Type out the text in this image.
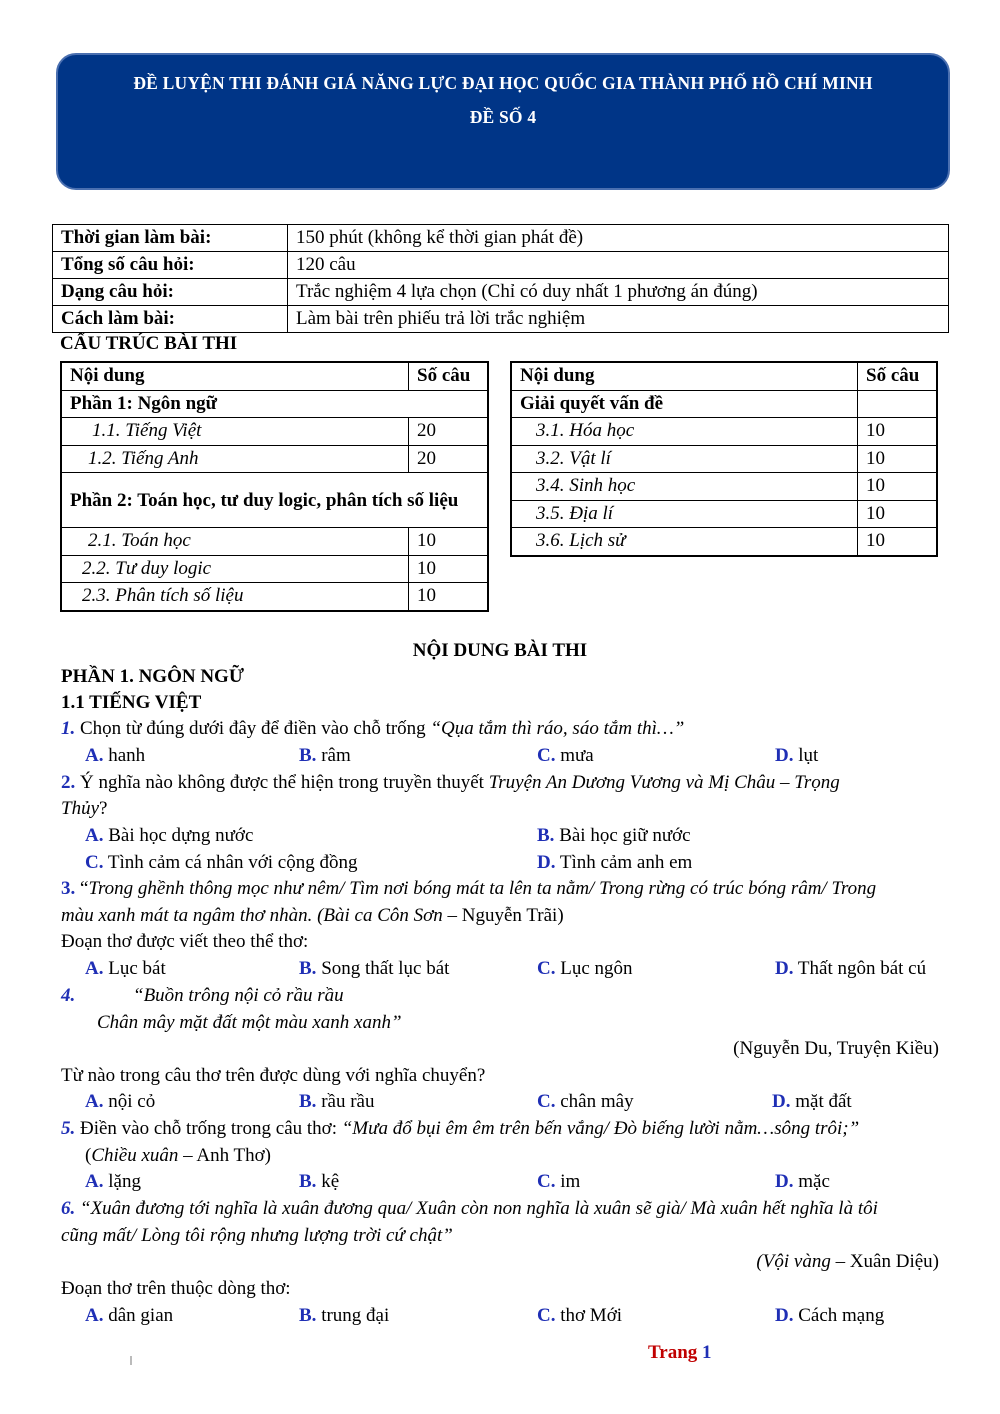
ĐỀ LUYỆN THI ĐÁNH GIÁ NĂNG LỰC ĐẠI HỌC QUỐC GIA THÀNH PHỐ HỒ CHÍ MINH
ĐỀ SỐ 4
Thời gian làm bài:	150 phút (không kể thời gian phát đề)
Tổng số câu hỏi:	120 câu
Dạng câu hỏi:	Trắc nghiệm 4 lựa chọn (Chỉ có duy nhất 1 phương án đúng)
Cách làm bài:	Làm bài trên phiếu trả lời trắc nghiệm
CẤU TRÚC BÀI THI
Nội dung	Số câu
Phần 1: Ngôn ngữ	
1.1. Tiếng Việt	20
1.2. Tiếng Anh	20
Phần 2: Toán học, tư duy logic, phân tích số liệu	
2.1. Toán học	10
2.2. Tư duy logic	10
2.3. Phân tích số liệu	10
Nội dung	Số câu
Giải quyết vấn đề	
3.1. Hóa học	10
3.2. Vật lí	10
3.4. Sinh học	10
3.5. Địa lí	10
3.6. Lịch sử	10
NỘI DUNG BÀI THI
PHẦN 1. NGÔN NGỮ
1.1 TIẾNG VIỆT
1. Chọn từ đúng dưới đây để điền vào chỗ trống “Qụa tắm thì ráo, sáo tắm thì…”
A. hanh	B. râm	C. mưa	D. lụt
2. Ý nghĩa nào không được thể hiện trong truyền thuyết Truyện An Dương Vương và Mị Châu – Trọng
Thủy?
A. Bài học dựng nước	B. Bài học giữ nước
C. Tình cảm cá nhân với cộng đồng	D. Tình cảm anh em
3. “Trong ghềnh thông mọc như nêm/ Tìm nơi bóng mát ta lên ta nằm/ Trong rừng có trúc bóng râm/ Trong
màu xanh mát ta ngâm thơ nhàn. (Bài ca Côn Sơn – Nguyễn Trãi)
Đoạn thơ được viết theo thể thơ:
A. Lục bát	B. Song thất lục bát	C. Lục ngôn	D. Thất ngôn bát cú
4.	“Buồn trông nội cỏ rầu rầu
Chân mây mặt đất một màu xanh xanh”
(Nguyễn Du, Truyện Kiều)
Từ nào trong câu thơ trên được dùng với nghĩa chuyển?
A. nội cỏ	B. rầu rầu	C. chân mây	D. mặt đất
5. Điền vào chỗ trống trong câu thơ: “Mưa đổ bụi êm êm trên bến vắng/ Đò biếng lười nằm…sông trôi;”
(Chiều xuân – Anh Thơ)
A. lặng	B. kệ	C. im	D. mặc
6. “Xuân đương tới nghĩa là xuân đương qua/ Xuân còn non nghĩa là xuân sẽ già/ Mà xuân hết nghĩa là tôi
cũng mất/ Lòng tôi rộng nhưng lượng trời cứ chật”
(Vội vàng – Xuân Diệu)
Đoạn thơ trên thuộc dòng thơ:
A. dân gian	B. trung đại	C. thơ Mới	D. Cách mạng
Trang 1
